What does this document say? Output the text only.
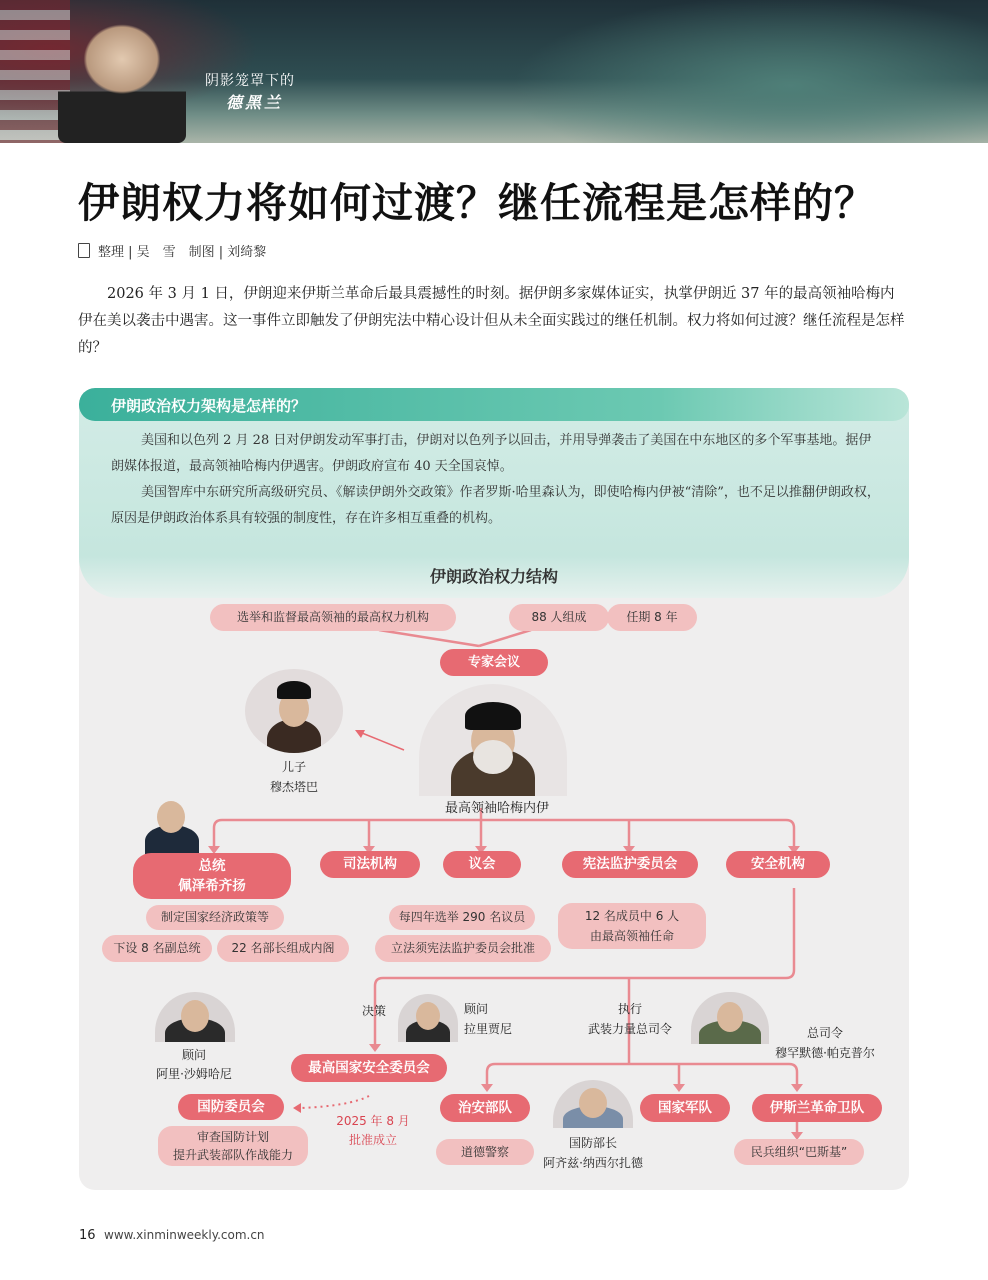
阴影笼罩下的
德黑兰
伊朗权力将如何过渡？继任流程是怎样的？
整理 | 吴　雪　制图 | 刘绮黎
2026 年 3 月 1 日，伊朗迎来伊斯兰革命后最具震撼性的时刻。据伊朗多家媒体证实，执掌伊朗近 37 年的最高领袖哈梅内伊在美以袭击中遇害。这一事件立即触发了伊朗宪法中精心设计但从未全面实践过的继任机制。权力将如何过渡？继任流程是怎样的？
伊朗政治权力架构是怎样的？
美国和以色列 2 月 28 日对伊朗发动军事打击，伊朗对以色列予以回击，并用导弹袭击了美国在中东地区的多个军事基地。据伊朗媒体报道，最高领袖哈梅内伊遇害。伊朗政府宣布 40 天全国哀悼。
美国智库中东研究所高级研究员、《解读伊朗外交政策》作者罗斯·哈里森认为，即使哈梅内伊被“清除”，也不足以推翻伊朗政权，原因是伊朗政治体系具有较强的制度性，存在许多相互重叠的机构。
伊朗政治权力结构
选举和监督最高领袖的最高权力机构	88 人组成	任期 8 年
专家会议
儿子
穆杰塔巴
最高领袖哈梅内伊
总统
佩泽希齐扬
司法机构	议会	宪法监护委员会	安全机构
制定国家经济政策等
下设 8 名副总统	22 名部长组成内阁
每四年选举 290 名议员
立法须宪法监护委员会批准
12 名成员中 6 人
由最高领袖任命
顾问
阿里·沙姆哈尼
决策	顾问
拉里贾尼
执行
武装力量总司令	总司令
穆罕默德·帕克普尔
最高国家安全委员会
国防委员会
审查国防计划
提升武装部队作战能力
2025 年 8 月
批准成立
治安部队
道德警察
国防部长
阿齐兹·纳西尔扎德
国家军队	伊斯兰革命卫队
民兵组织“巴斯基”
16 www.xinminweekly.com.cn
